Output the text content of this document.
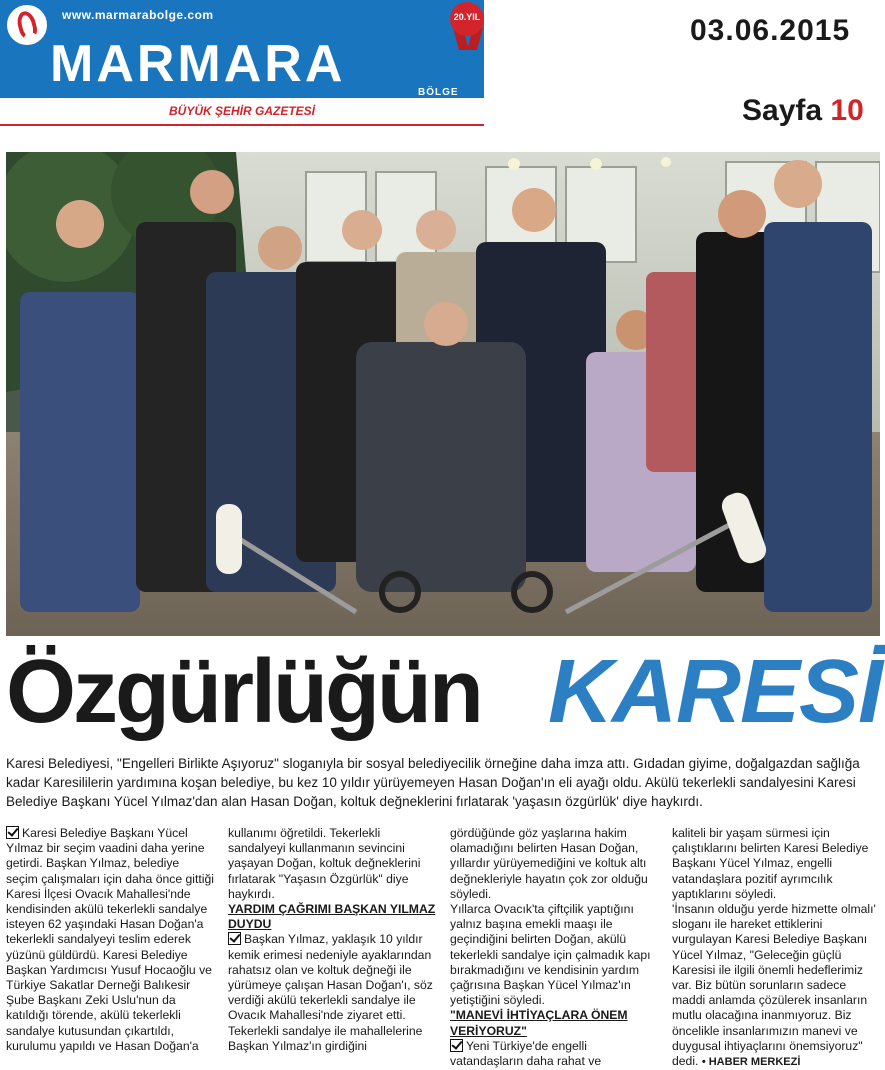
www.marmarabolge.com
MARMARA	BÖLGE
20.YIL
BÜYÜK ŞEHİR GAZETESİ
03.06.2015
Sayfa 10
Özgürlüğün KARESİ
Karesi Belediyesi, "Engelleri Birlikte Aşıyoruz" sloganıyla bir sosyal belediyecilik örneğine daha imza attı. Gıdadan giyime, doğalgazdan sağlığa kadar Karesililerin yardımına koşan belediye, bu kez 10 yıldır yürüyemeyen Hasan Doğan'ın eli ayağı oldu. Akülü tekerlekli sandalyesini Karesi Belediye Başkanı Yücel Yılmaz'dan alan Hasan Doğan, koltuk değneklerini fırlatarak 'yaşasın özgürlük' diye haykırdı.

Karesi Belediye Başkanı Yücel Yılmaz bir seçim vaadini daha yerine getirdi. Başkan Yılmaz, belediye seçim çalışmaları için daha önce gittiği Karesi İlçesi Ovacık Mahallesi'nde kendisinden akülü tekerlekli sandalye isteyen 62 yaşındaki Hasan Doğan'a tekerlekli sandalyeyi teslim ederek yüzünü güldürdü. Karesi Belediye Başkan Yardımcısı Yusuf Hocaoğlu ve Türkiye Sakatlar Derneği Balıkesir Şube Başkanı Zeki Uslu'nun da katıldığı törende, akülü tekerlekli sandalye kutusundan çıkartıldı, kurulumu yapıldı ve Hasan Doğan'a

kullanımı öğretildi. Tekerlekli sandalyeyi kullanmanın sevincini yaşayan Doğan, koltuk değneklerini fırlatarak "Yaşasın Özgürlük" diye haykırdı.

YARDIM ÇAĞRIMI BAŞKAN YILMAZ DUYDU

Başkan Yılmaz, yaklaşık 10 yıldır kemik erimesi nedeniyle ayaklarından rahatsız olan ve koltuk değneği ile yürümeye çalışan Hasan Doğan'ı, söz verdiği akülü tekerlekli sandalye ile Ovacık Mahallesi'nde ziyaret etti.

Tekerlekli sandalye ile mahallelerine Başkan Yılmaz'ın girdiğini

gördüğünde göz yaşlarına hakim olamadığını belirten Hasan Doğan, yıllardır yürüyemediğini ve koltuk altı değnekleriyle hayatın çok zor olduğu söyledi.

Yıllarca Ovacık'ta çiftçilik yaptığını yalnız başına emekli maaşı ile geçindiğini belirten Doğan, akülü tekerlekli sandalye için çalmadık kapı bırakmadığını ve kendisinin yardım çağrısına Başkan Yücel Yılmaz'ın yetiştiğini söyledi.

"MANEVİ İHTİYAÇLARA ÖNEM VERİYORUZ"

Yeni Türkiye'de engelli vatandaşların daha rahat ve

kaliteli bir yaşam sürmesi için çalıştıklarını belirten Karesi Belediye Başkanı Yücel Yılmaz, engelli vatandaşlara pozitif ayrımcılık yaptıklarını söyledi.

'İnsanın olduğu yerde hizmette olmalı' sloganı ile hareket ettiklerini vurgulayan Karesi Belediye Başkanı Yücel Yılmaz, "Geleceğin güçlü Karesisi ile ilgili önemli hedeflerimiz var. Biz bütün sorunların sadece maddi anlamda çözülerek insanların mutlu olacağına inanmıyoruz. Biz öncelikle insanlarımızın manevi ve duygusal ihtiyaçlarını önemsiyoruz" dedi. • HABER MERKEZİ
